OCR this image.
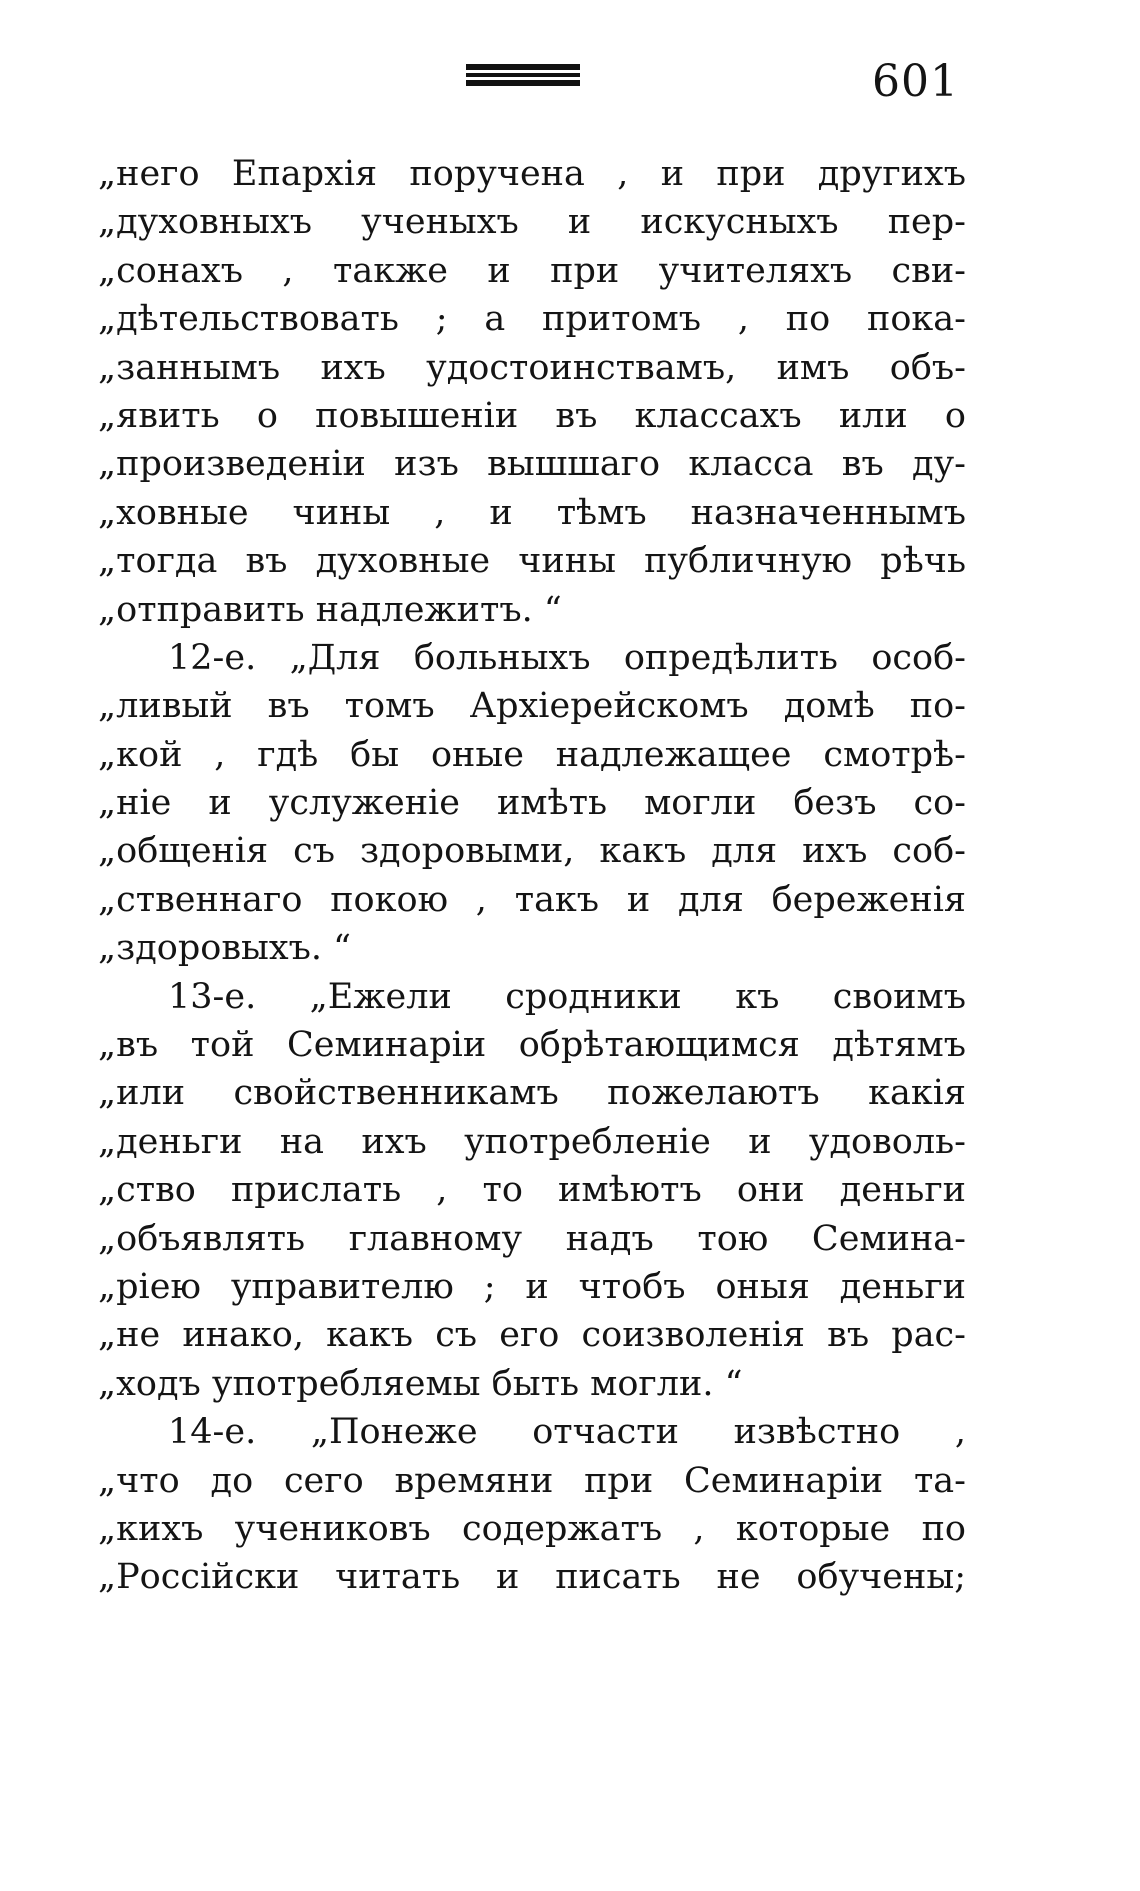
601
„него Епархія поручена , и при другихъ
„духовныхъ ученыхъ и искусныхъ пер-
„сонахъ , также и при учителяхъ сви-
„дѣтельствовать ; а притомъ , по пока-
„заннымъ ихъ удостоинствамъ, имъ объ-
„явить о повышеніи въ классахъ или о
„произведеніи изъ вышшаго класса въ ду-
„ховные чины , и тѣмъ назначеннымъ
„тогда въ духовные чины публичную рѣчь
„отправить надлежитъ. “
12-е. „Для больныхъ опредѣлить особ-
„ливый въ томъ Архіерейскомъ домѣ по-
„кой , гдѣ бы оные надлежащее смотрѣ-
„ніе и услуженіе имѣть могли безъ со-
„общенія съ здоровыми, какъ для ихъ соб-
„ственнаго покою , такъ и для береженія
„здоровыхъ. “
13-е. „Ежели сродники къ своимъ
„въ той Семинаріи обрѣтающимся дѣтямъ
„или свойственникамъ пожелаютъ какія
„деньги на ихъ употребленіе и удоволь-
„ство прислать , то имѣютъ они деньги
„объявлять главному надъ тою Семина-
„ріею управителю ; и чтобъ оныя деньги
„не инако, какъ съ его соизволенія въ рас-
„ходъ употребляемы быть могли. “
14-е. „Понеже отчасти извѣстно ,
„что до сего времяни при Семинаріи та-
„кихъ учениковъ содержатъ , которые по
„Россійски читать и писать не обучены;
